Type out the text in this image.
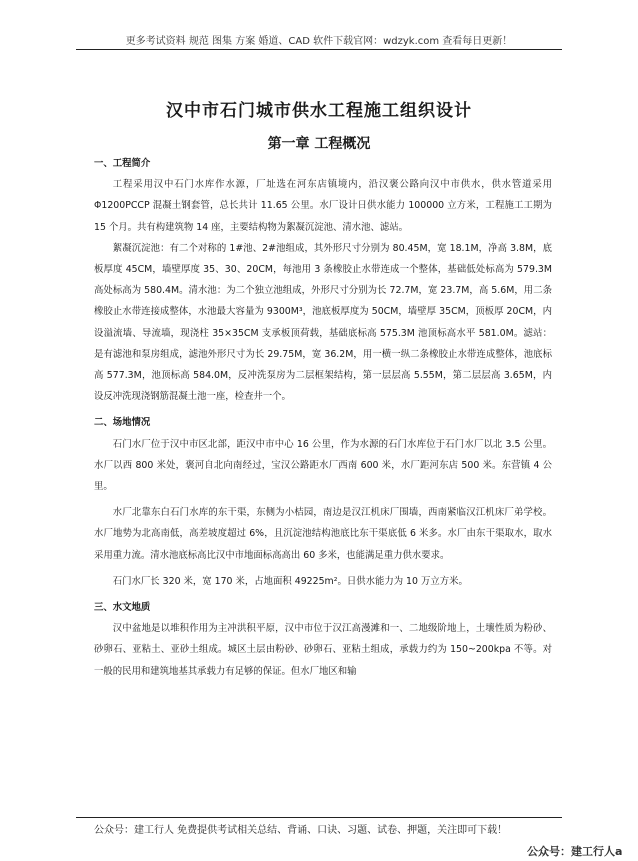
更多考试资料 规范 图集 方案 婚道、CAD 软件下载官网：wdzyk.com 查看每日更新！
汉中市石门城市供水工程施工组织设计
第一章 工程概况

一、工程简介

工程采用汉中石门水库作水源，厂址选在河东店镇境内，沿汉褒公路向汉中市供水，供水管道采用Φ1200PCCP 混凝土钢套管，总长共计 11.65 公里。水厂设计日供水能力 100000 立方米，工程施工工期为 15 个月。共有构建筑物 14 座，主要结构物为絮凝沉淀池、清水池、滤站。

絮凝沉淀池：有二个对称的 1#池、2#池组成，其外形尺寸分别为 80.45M，宽 18.1M，净高 3.8M，底板厚度 45CM，墙壁厚度 35、30、20CM，每池用 3 条橡胶止水带连成一个整体，基础低处标高为 579.3M 高处标高为 580.4M。清水池：为二个独立池组成，外形尺寸分别为长 72.7M，宽 23.7M，高 5.6M，用二条橡胶止水带连接成整体，水池最大容量为 9300M³，池底板厚度为 50CM，墙壁厚 35CM，顶板厚 20CM，内设溢流墙、导流墙，现浇柱 35×35CM 支承板顶荷载，基础底标高 575.3M 池顶标高水平 581.0M。滤站：是有滤池和泵房组成，滤池外形尺寸为长 29.75M，宽 36.2M，用一横一纵二条橡胶止水带连成整体，池底标高 577.3M，池顶标高 584.0M，反冲洗泵房为二层框架结构，第一层层高 5.55M，第二层层高 3.65M，内设反冲洗现浇钢筋混凝土池一座，检查井一个。

二、场地情况

石门水厂位于汉中市区北部，距汉中市中心 16 公里，作为水源的石门水库位于石门水厂以北 3.5 公里。水厂以西 800 米处，褒河自北向南经过，宝汉公路距水厂西南 600 米，水厂距河东店 500 米。东营镇 4 公里。

水厂北靠东白石门水库的东干渠，东侧为小桔园，南边是汉江机床厂围墙，西南紧临汉江机床厂弟学校。水厂地势为北高南低，高差坡度超过 6%，且沉淀池结构池底比东干渠底低 6 米多。水厂由东干渠取水，取水采用重力流。清水池底标高比汉中市地面标高高出 60 多米，也能满足重力供水要求。

石门水厂长 320 米，宽 170 米，占地面积 49225m²。日供水能力为 10 万立方米。

三、水文地质

汉中盆地是以堆积作用为主冲洪积平原，汉中市位于汉江高漫滩和一、二地级阶地上，土壤性质为粉砂、砂卵石、亚粘土、亚砂土组成。城区土层由粉砂、砂卵石、亚粘土组成，承载力约为 150~200kpa 不等。对一般的民用和建筑地基其承载力有足够的保证。但水厂地区和输

公众号：建工行人 免费提供考试相关总结、背诵、口诀、习题、试卷、押题，关注即可下载！
公众号：建工行人a
